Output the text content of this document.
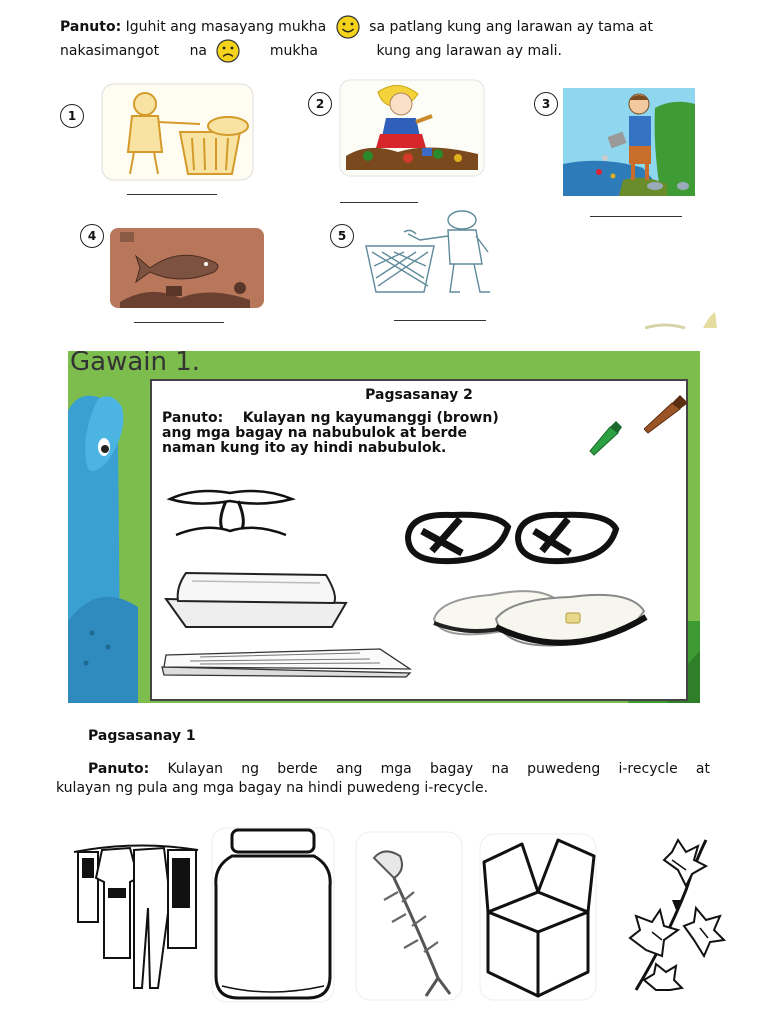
Panuto: Iguhit ang masayang mukha	sa patlang kung ang larawan ay tama at
nakasimangot na	mukha	kung ang larawan ay mali.
1
2	3
4	5
Gawain 1.
Pagsasanay 2
Panuto: Kulayan ng kayumanggi (brown)
ang mga bagay na nabubulok at berde
naman kung ito ay hindi nabubulok.
Pagsasanay 1
Panuto: Kulayan ng berde ang mga bagay na puwedeng i-recycle at
kulayan ng pula ang mga bagay na hindi puwedeng i-recycle.
